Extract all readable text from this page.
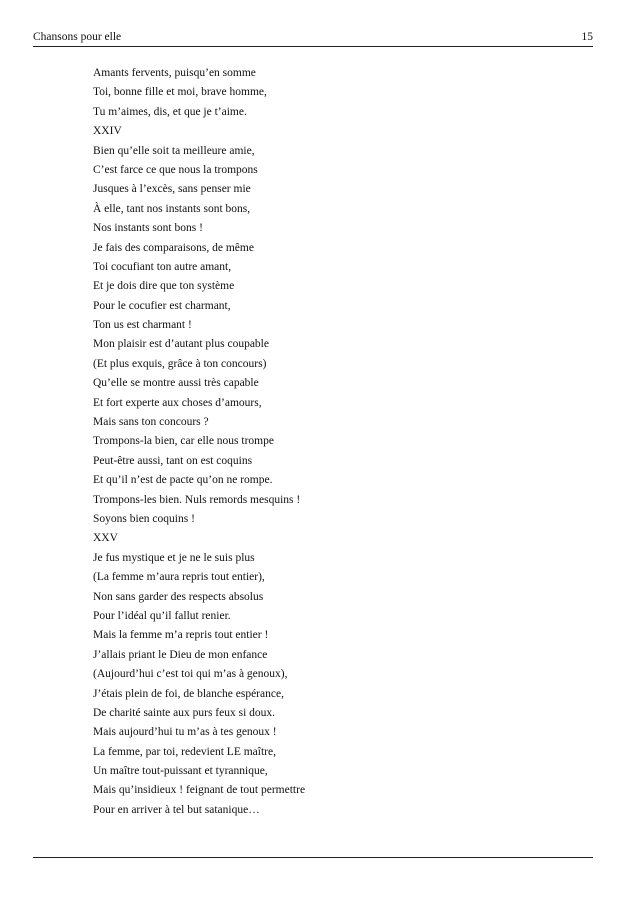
Chansons pour elle	15
Amants fervents, puisqu’en somme
Toi, bonne fille et moi, brave homme,
Tu m’aimes, dis, et que je t’aime.
XXIV
Bien qu’elle soit ta meilleure amie,
C’est farce ce que nous la trompons
Jusques à l’excès, sans penser mie
À elle, tant nos instants sont bons,
Nos instants sont bons !
Je fais des comparaisons, de même
Toi cocufiant ton autre amant,
Et je dois dire que ton système
Pour le cocufier est charmant,
Ton us est charmant !
Mon plaisir est d’autant plus coupable
(Et plus exquis, grâce à ton concours)
Qu’elle se montre aussi très capable
Et fort experte aux choses d’amours,
Mais sans ton concours ?
Trompons-la bien, car elle nous trompe
Peut-être aussi, tant on est coquins
Et qu’il n’est de pacte qu’on ne rompe.
Trompons-les bien. Nuls remords mesquins !
Soyons bien coquins !
XXV
Je fus mystique et je ne le suis plus
(La femme m’aura repris tout entier),
Non sans garder des respects absolus
Pour l’idéal qu’il fallut renier.
Mais la femme m’a repris tout entier !
J’allais priant le Dieu de mon enfance
(Aujourd’hui c’est toi qui m’as à genoux),
J’étais plein de foi, de blanche espérance,
De charité sainte aux purs feux si doux.
Mais aujourd’hui tu m’as à tes genoux !
La femme, par toi, redevient LE maître,
Un maître tout-puissant et tyrannique,
Mais qu’insidieux ! feignant de tout permettre
Pour en arriver à tel but satanique…
